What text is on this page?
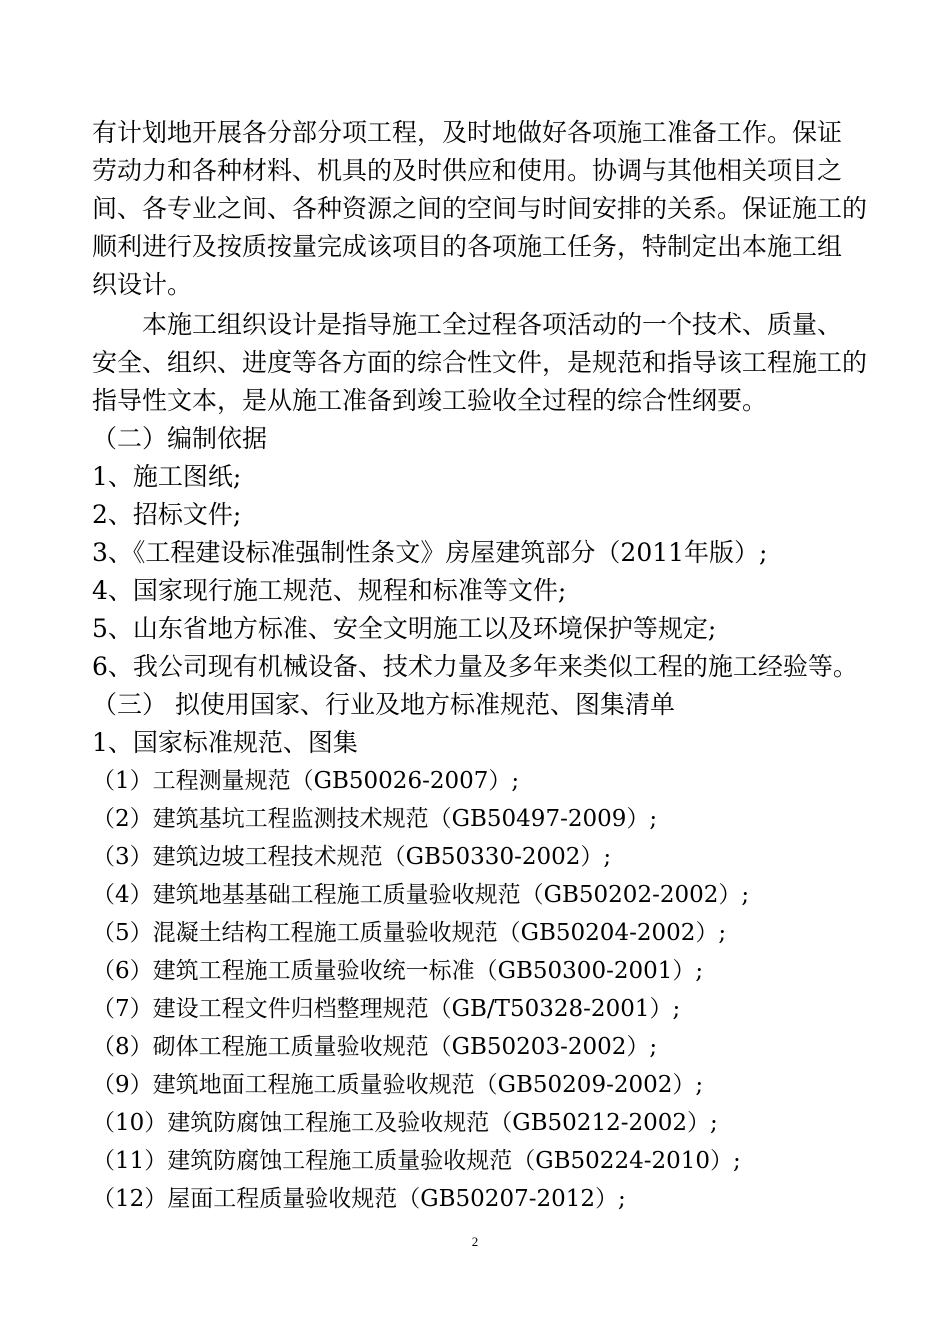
有计划地开展各分部分项工程，及时地做好各项施工准备工作。保证
劳动力和各种材料、机具的及时供应和使用。协调与其他相关项目之
间、各专业之间、各种资源之间的空间与时间安排的关系。保证施工的
顺利进行及按质按量完成该项目的各项施工任务，特制定出本施工组
织设计。
本施工组织设计是指导施工全过程各项活动的一个技术、质量、
安全、组织、进度等各方面的综合性文件，是规范和指导该工程施工的
指导性文本，是从施工准备到竣工验收全过程的综合性纲要。
（二）编制依据
1、施工图纸;
2、招标文件;
3、《工程建设标准强制性条文》房屋建筑部分（2011年版）;
4、国家现行施工规范、规程和标准等文件;
5、山东省地方标准、安全文明施工以及环境保护等规定;
6、我公司现有机械设备、技术力量及多年来类似工程的施工经验等。
（三） 拟使用国家、行业及地方标准规范、图集清单
1、国家标准规范、图集
（1）工程测量规范（GB50026-2007）;
（2）建筑基坑工程监测技术规范（GB50497-2009）;
（3）建筑边坡工程技术规范（GB50330-2002）;
（4）建筑地基基础工程施工质量验收规范（GB50202-2002）;
（5）混凝土结构工程施工质量验收规范（GB50204-2002）;
（6）建筑工程施工质量验收统一标准（GB50300-2001）;
（7）建设工程文件归档整理规范（GB/T50328-2001）;
（8）砌体工程施工质量验收规范（GB50203-2002）;
（9）建筑地面工程施工质量验收规范（GB50209-2002）;
（10）建筑防腐蚀工程施工及验收规范（GB50212-2002）;
（11）建筑防腐蚀工程施工质量验收规范（GB50224-2010）;
（12）屋面工程质量验收规范（GB50207-2012）;
2
